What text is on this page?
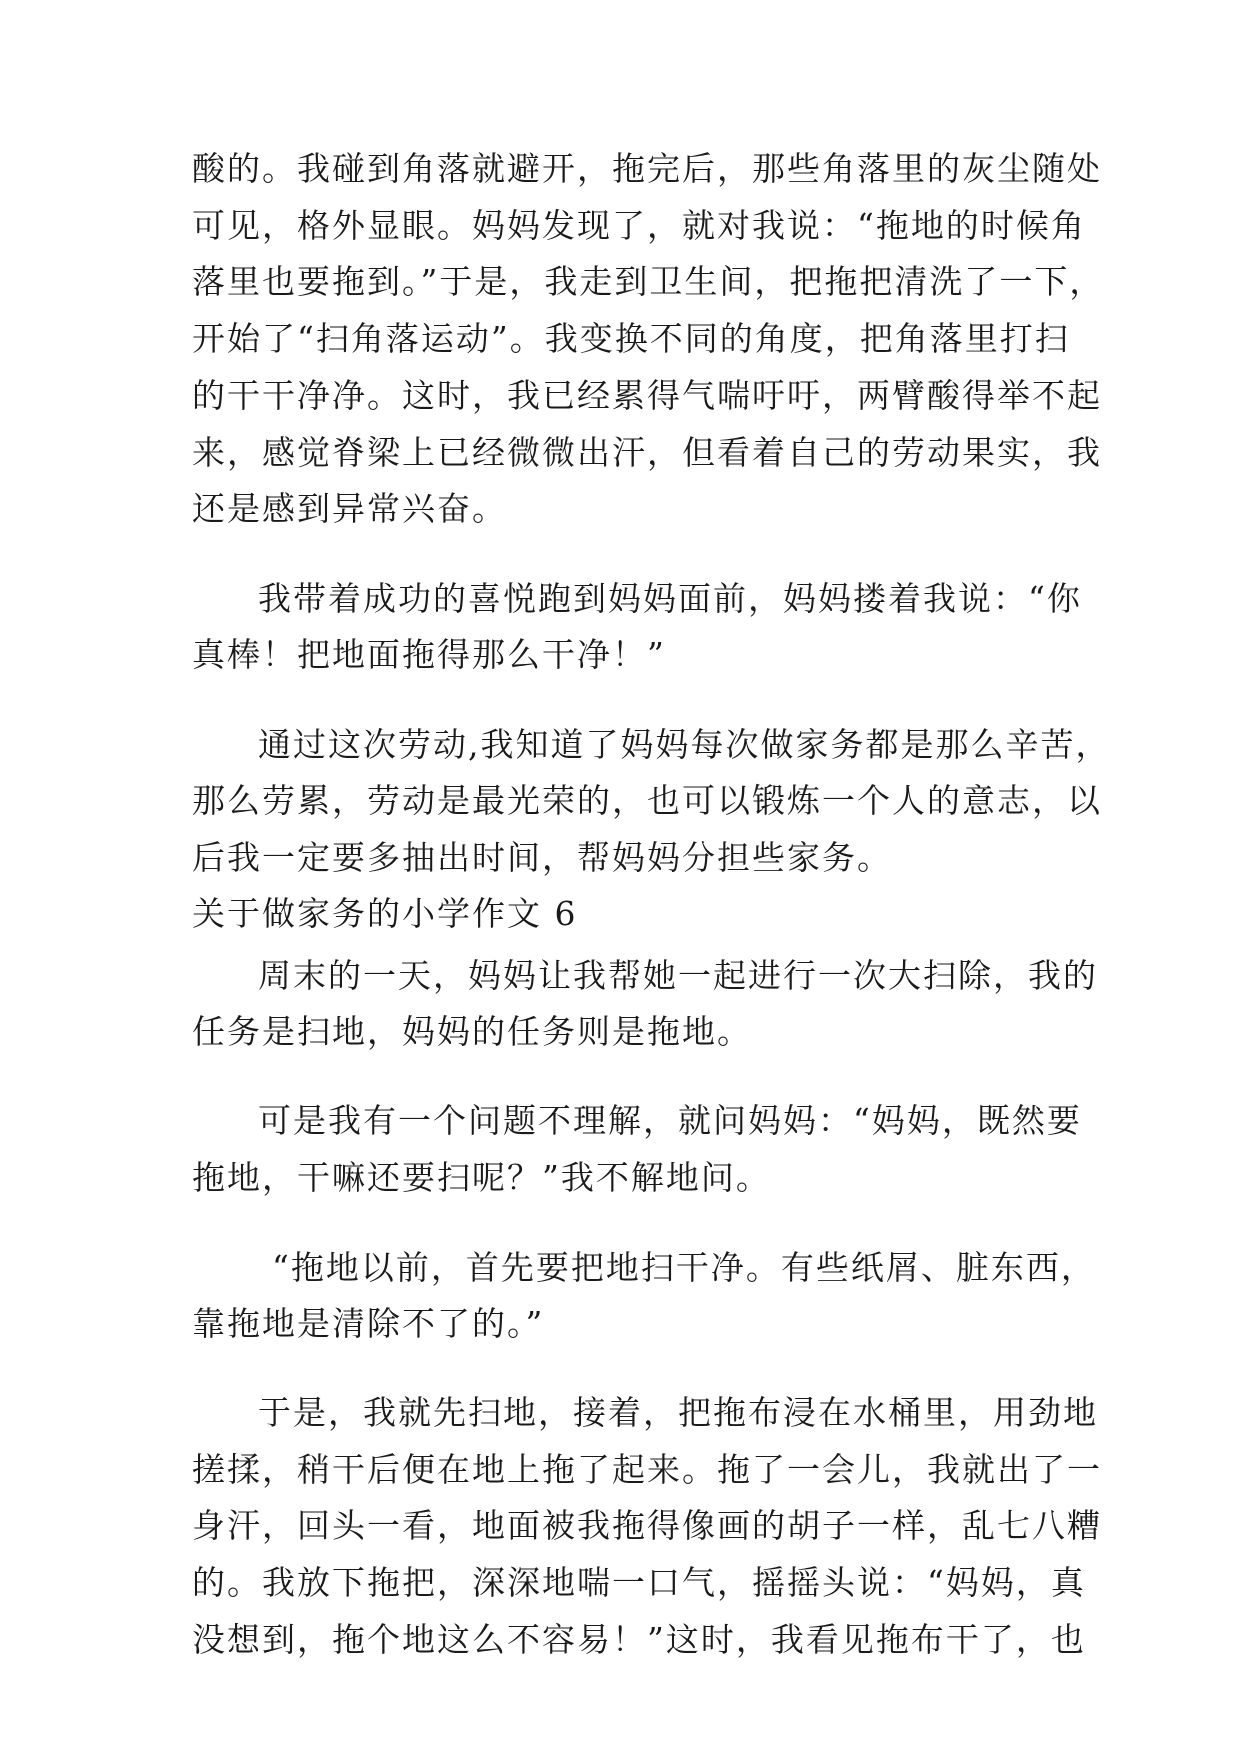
酸的。我碰到角落就避开，拖完后，那些角落里的灰尘随处
可见，格外显眼。妈妈发现了，就对我说：“拖地的时候角
落里也要拖到。”于是，我走到卫生间，把拖把清洗了一下，
开始了“扫角落运动”。我变换不同的角度，把角落里打扫
的干干净净。这时，我已经累得气喘吁吁，两臂酸得举不起
来，感觉脊梁上已经微微出汗，但看着自己的劳动果实，我
还是感到异常兴奋。
我带着成功的喜悦跑到妈妈面前，妈妈搂着我说：“你
真棒！把地面拖得那么干净！”
通过这次劳动,我知道了妈妈每次做家务都是那么辛苦，
那么劳累，劳动是最光荣的，也可以锻炼一个人的意志，以
后我一定要多抽出时间，帮妈妈分担些家务。
关于做家务的小学作文 6
周末的一天，妈妈让我帮她一起进行一次大扫除，我的
任务是扫地，妈妈的任务则是拖地。
可是我有一个问题不理解，就问妈妈：“妈妈，既然要
拖地，干嘛还要扫呢？”我不解地问。
“拖地以前，首先要把地扫干净。有些纸屑、脏东西，
靠拖地是清除不了的。”
于是，我就先扫地，接着，把拖布浸在水桶里，用劲地
搓揉，稍干后便在地上拖了起来。拖了一会儿，我就出了一
身汗，回头一看，地面被我拖得像画的胡子一样，乱七八糟
的。我放下拖把，深深地喘一口气，摇摇头说：“妈妈，真
没想到，拖个地这么不容易！”这时，我看见拖布干了，也
